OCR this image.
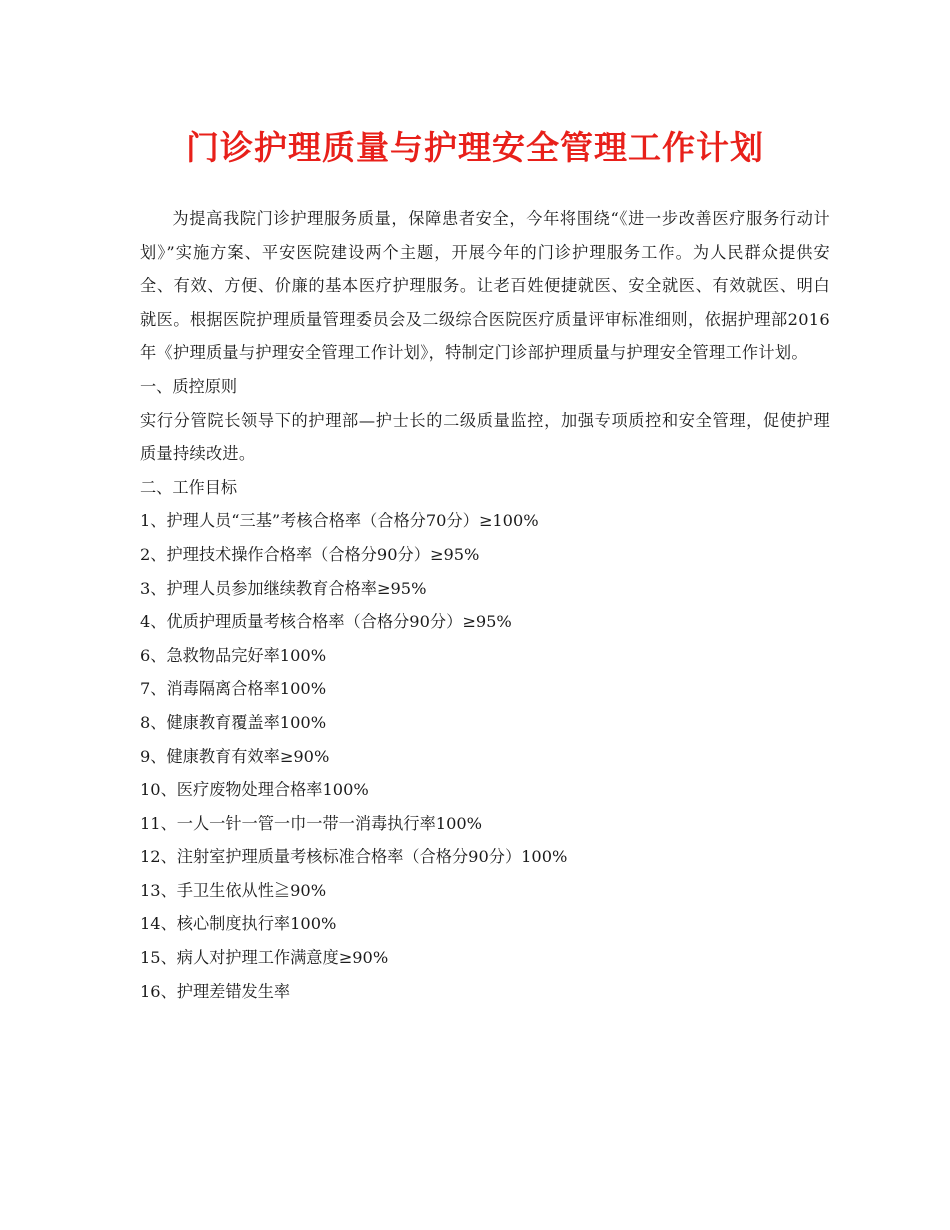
门诊护理质量与护理安全管理工作计划

为提高我院门诊护理服务质量，保障患者安全，今年将围绕“《进一步改善医疗服务行动计划》”实施方案、平安医院建设两个主题，开展今年的门诊护理服务工作。为人民群众提供安全、有效、方便、价廉的基本医疗护理服务。让老百姓便捷就医、安全就医、有效就医、明白就医。根据医院护理质量管理委员会及二级综合医院医疗质量评审标准细则，依据护理部2016年《护理质量与护理安全管理工作计划》，特制定门诊部护理质量与护理安全管理工作计划。

一、质控原则

实行分管院长领导下的护理部—护士长的二级质量监控，加强专项质控和安全管理，促使护理质量持续改进。

二、工作目标

1、护理人员“三基”考核合格率（合格分70分）≥100%

2、护理技术操作合格率（合格分90分）≥95%

3、护理人员参加继续教育合格率≥95%

4、优质护理质量考核合格率（合格分90分）≥95%

6、急救物品完好率100%

7、消毒隔离合格率100%

8、健康教育覆盖率100%

9、健康教育有效率≥90%

10、医疗废物处理合格率100%

11、一人一针一管一巾一带一消毒执行率100%

12、注射室护理质量考核标准合格率（合格分90分）100%

13、手卫生依从性≧90%

14、核心制度执行率100%

15、病人对护理工作满意度≥90%

16、护理差错发生率
